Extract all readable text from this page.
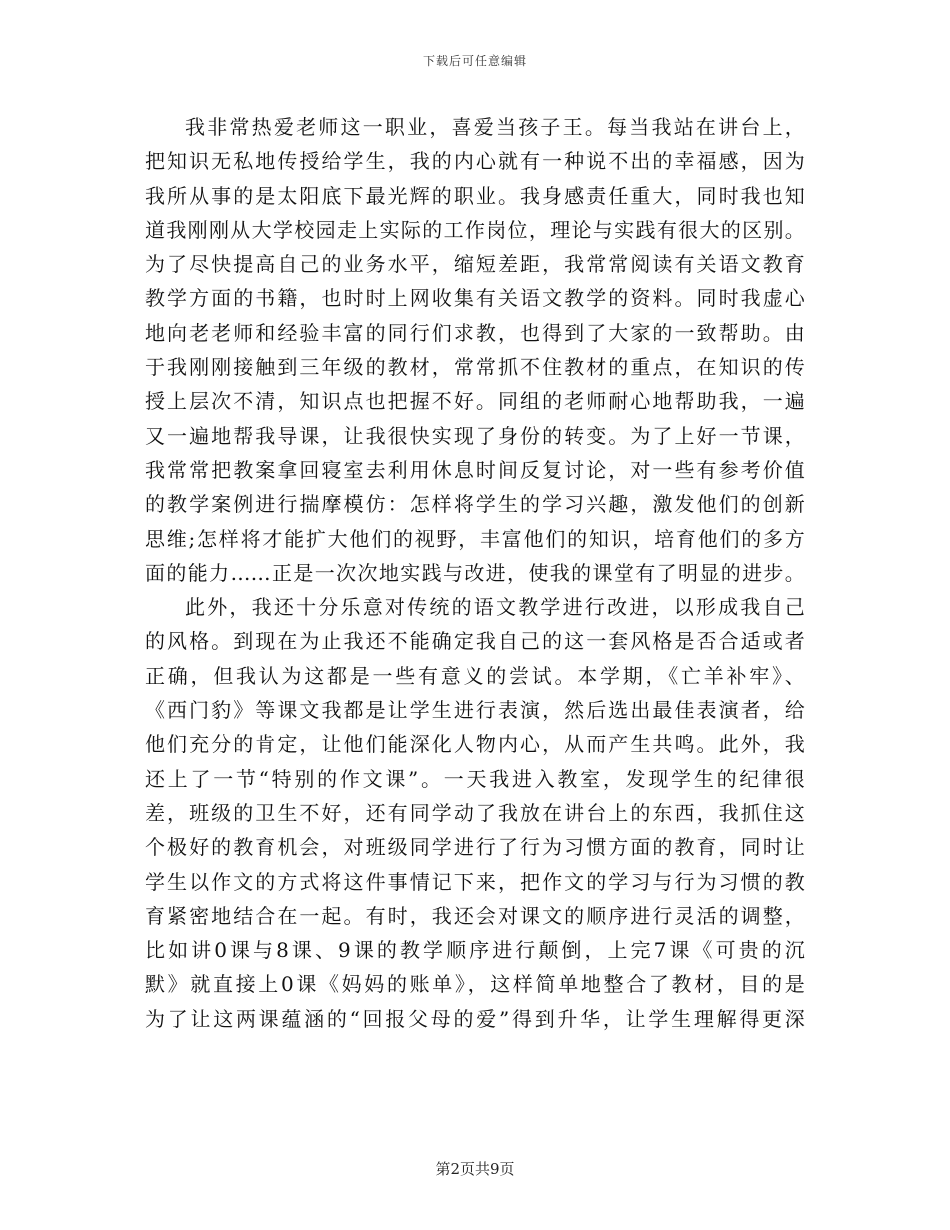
下载后可任意编辑
我非常热爱老师这一职业，喜爱当孩子王。每当我站在讲台上，
把知识无私地传授给学生，我的内心就有一种说不出的幸福感，因为
我所从事的是太阳底下最光辉的职业。我身感责任重大，同时我也知
道我刚刚从大学校园走上实际的工作岗位，理论与实践有很大的区别。
为了尽快提高自己的业务水平，缩短差距，我常常阅读有关语文教育
教学方面的书籍，也时时上网收集有关语文教学的资料。同时我虚心
地向老老师和经验丰富的同行们求教，也得到了大家的一致帮助。由
于我刚刚接触到三年级的教材，常常抓不住教材的重点，在知识的传
授上层次不清，知识点也把握不好。同组的老师耐心地帮助我，一遍
又一遍地帮我导课，让我很快实现了身份的转变。为了上好一节课，
我常常把教案拿回寝室去利用休息时间反复讨论，对一些有参考价值
的教学案例进行揣摩模仿：怎样将学生的学习兴趣，激发他们的创新
思维;怎样将才能扩大他们的视野，丰富他们的知识，培育他们的多方
面的能力……正是一次次地实践与改进，使我的课堂有了明显的进步。
此外，我还十分乐意对传统的语文教学进行改进，以形成我自己
的风格。到现在为止我还不能确定我自己的这一套风格是否合适或者
正确，但我认为这都是一些有意义的尝试。本学期，《亡羊补牢》、
《西门豹》等课文我都是让学生进行表演，然后选出最佳表演者，给
他们充分的肯定，让他们能深化人物内心，从而产生共鸣。此外，我
还上了一节“特别的作文课”。一天我进入教室，发现学生的纪律很
差，班级的卫生不好，还有同学动了我放在讲台上的东西，我抓住这
个极好的教育机会，对班级同学进行了行为习惯方面的教育，同时让
学生以作文的方式将这件事情记下来，把作文的学习与行为习惯的教
育紧密地结合在一起。有时，我还会对课文的顺序进行灵活的调整，
比如讲0课与8课、9课的教学顺序进行颠倒，上完7课《可贵的沉
默》就直接上0课《妈妈的账单》，这样简单地整合了教材，目的是
为了让这两课蕴涵的“回报父母的爱”得到升华，让学生理解得更深
第2页共9页
